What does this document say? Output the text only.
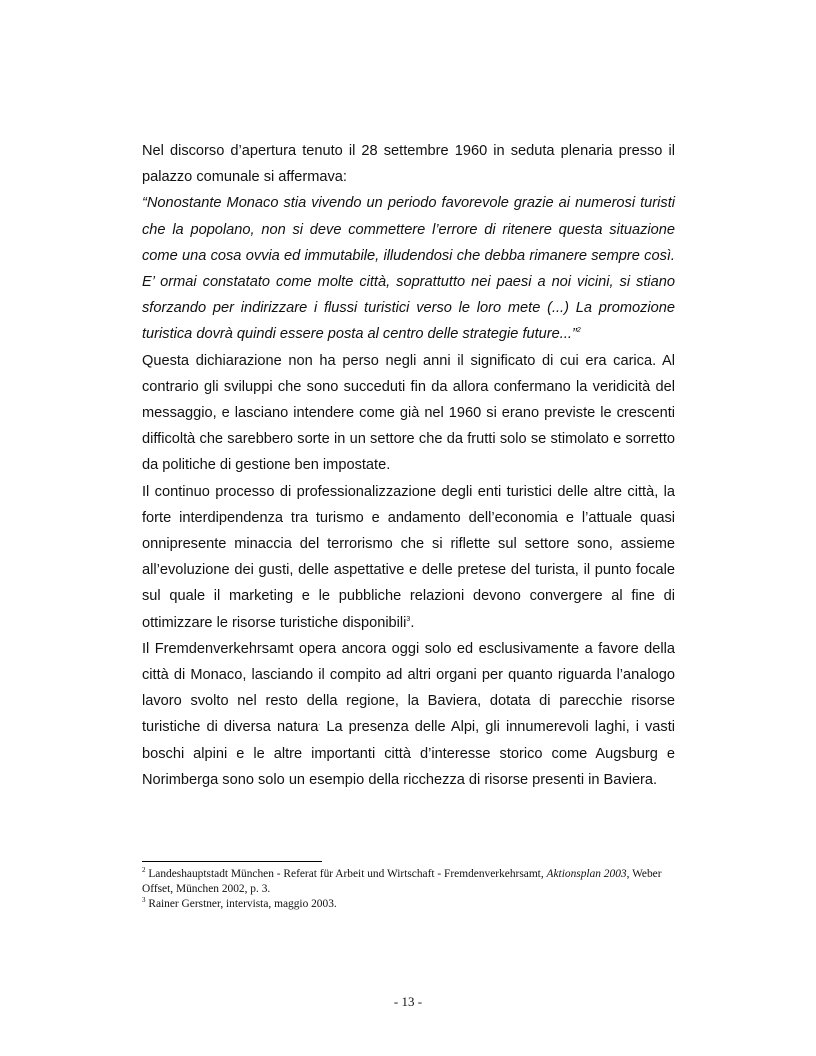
Nel discorso d’apertura tenuto il 28 settembre 1960 in seduta plenaria presso il palazzo comunale si affermava:

“Nonostante Monaco stia vivendo un periodo favorevole grazie ai numerosi turisti che la popolano, non si deve commettere l’errore di ritenere questa situazione come una cosa ovvia ed immutabile, illudendosi che debba rimanere sempre così. E’ ormai constatato come molte città, soprattutto nei paesi a noi vicini, si stiano sforzando per indirizzare i flussi turistici verso le loro mete (...) La promozione turistica dovrà quindi essere posta al centro delle strategie future...”$^2$

Questa dichiarazione non ha perso negli anni il significato di cui era carica. Al contrario gli sviluppi che sono succeduti fin da allora confermano la veridicità del messaggio, e lasciano intendere come già nel 1960 si erano previste le crescenti difficoltà che sarebbero sorte in un settore che da frutti solo se stimolato e sorretto da politiche di gestione ben impostate.

Il continuo processo di professionalizzazione degli enti turistici delle altre città, la forte interdipendenza tra turismo e andamento dell’economia e l’attuale quasi onnipresente minaccia del terrorismo che si riflette sul settore sono, assieme all’evoluzione dei gusti, delle aspettative e delle pretese del turista, il punto focale sul quale il marketing e le pubbliche relazioni devono convergere al fine di ottimizzare le risorse turistiche disponibili$^3$.

Il Fremdenverkehrsamt opera ancora oggi solo ed esclusivamente a favore della città di Monaco, lasciando il compito ad altri organi per quanto riguarda l’analogo lavoro svolto nel resto della regione, la Baviera, dotata di parecchie risorse turistiche di diversa natura. La presenza delle Alpi, gli innumerevoli laghi, i vasti boschi alpini e le altre importanti città d’interesse storico come Augsburg e Norimberga sono solo un esempio della ricchezza di risorse presenti in Baviera.

$^2$ Landeshauptstadt München - Referat für Arbeit und Wirtschaft - Fremdenverkehrsamt, Aktionsplan 2003, Weber Offset, München 2002, p. 3.

$^3$ Rainer Gerstner, intervista, maggio 2003.

- 13 -
